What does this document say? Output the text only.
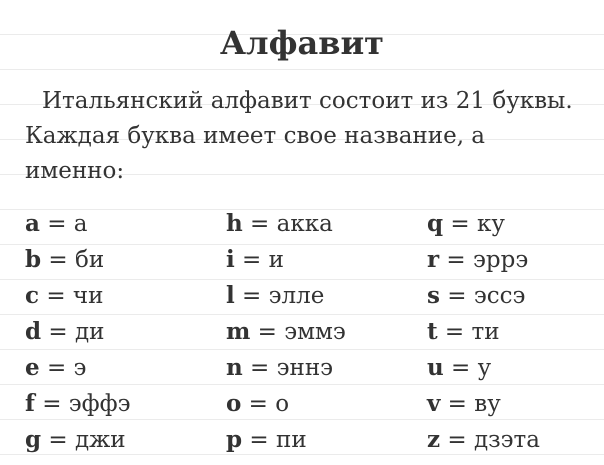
Алфавит

Итальянский алфавит состоит из 21 буквы. Каждая буква имеет свое название, а именно:

a = а
b = би
c = чи
d = ди
e = э
f = эффэ
g = джи
h = акка
i = и
l = элле
m = эммэ
n = эннэ
o = о
p = пи
q = ку
r = эррэ
s = эссэ
t = ти
u = у
v = ву
z = дзэта
